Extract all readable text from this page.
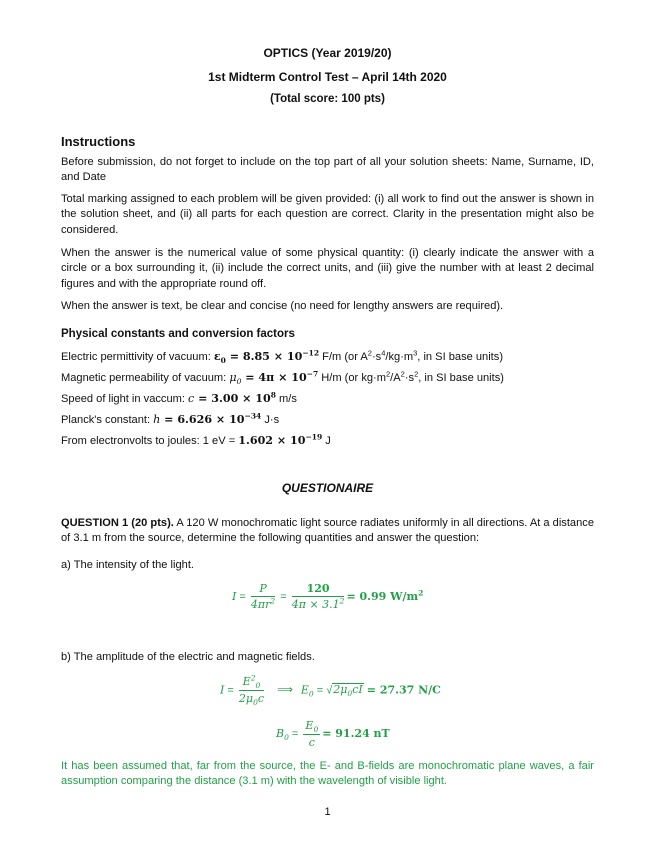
OPTICS (Year 2019/20)
1st Midterm Control Test – April 14th 2020
(Total score: 100 pts)
Instructions
Before submission, do not forget to include on the top part of all your solution sheets: Name, Surname, ID, and Date
Total marking assigned to each problem will be given provided: (i) all work to find out the answer is shown in the solution sheet, and (ii) all parts for each question are correct. Clarity in the presentation might also be considered.
When the answer is the numerical value of some physical quantity: (i) clearly indicate the answer with a circle or a box surrounding it, (ii) include the correct units, and (iii) give the number with at least 2 decimal figures and with the appropriate round off.
When the answer is text, be clear and concise (no need for lengthy answers are required).
Physical constants and conversion factors
Electric permittivity of vacuum: $\varepsilon_0 = 8.85 \times 10^{-12}$ F/m (or $A^2\cdot s^4/kg\cdot m^3$, in SI base units)
Magnetic permeability of vacuum: $\mu_0 = 4\pi \times 10^{-7}$ H/m (or $kg\cdot m^2/A^2\cdot s^2$, in SI base units)
Speed of light in vaccum: $c = 3.00 \times 10^8$ m/s
Planck's constant: $h = 6.626 \times 10^{-34}$ J·s
From electronvolts to joules: 1 eV = $1.602 \times 10^{-19}$ J
QUESTIONAIRE
QUESTION 1 (20 pts). A 120 W monochromatic light source radiates uniformly in all directions. At a distance of 3.1 m from the source, determine the following quantities and answer the question:
a) The intensity of the light.
$I = \frac{P}{4\pi r^2} = \frac{120}{4\pi \times 3.1^2} = 0.99$ $W/m^2$
b) The amplitude of the electric and magnetic fields.
$I = \frac{E^2_0}{2\mu_0c}$ ⟹ $E_0 = √2\mu_0cI = 27.37$ N/C
$B_0 = \frac{E_0}{c} = 91.24$ nT
It has been assumed that, far from the source, the E- and B-fields are monochromatic plane waves, a fair assumption comparing the distance (3.1 m) with the wavelength of visible light.
1
